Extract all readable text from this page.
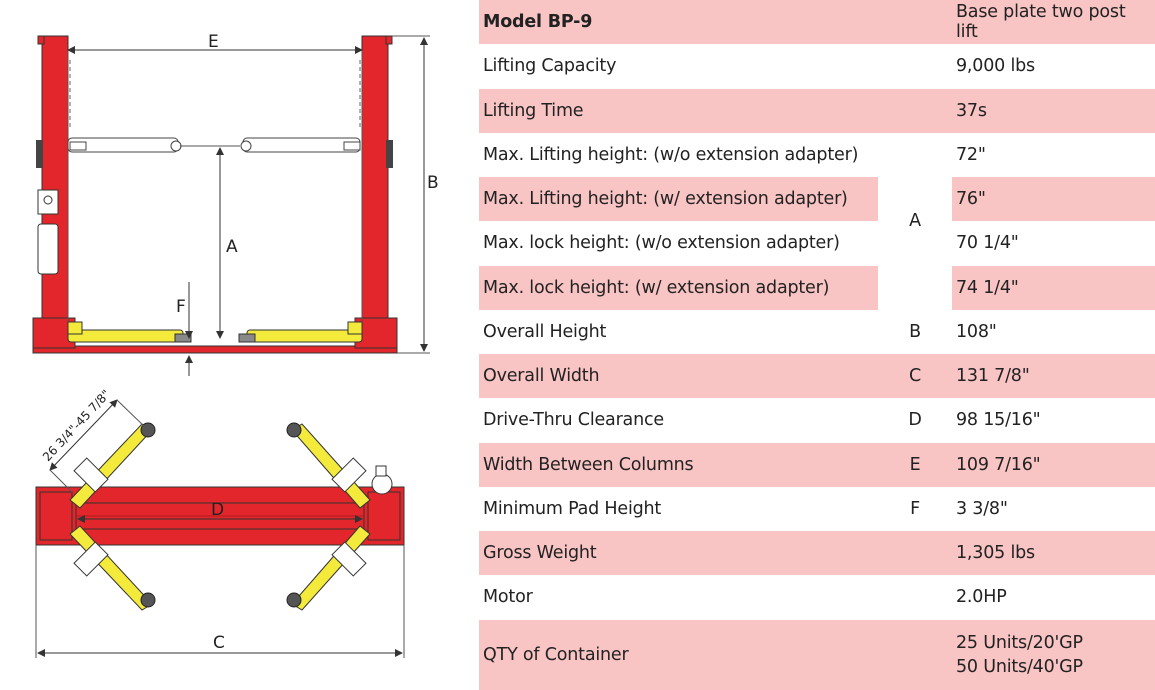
E
B
A
F
D
C
26 3/4"-45 7/8"
Model BP-9		Base plate two post lift
Lifting Capacity		9,000 lbs
Lifting Time		37s
Max. Lifting height: (w/o extension adapter)	A	72"
Max. Lifting height: (w/ extension adapter)		76"
Max. lock height: (w/o extension adapter)		70 1/4"
Max. lock height: (w/ extension adapter)		74 1/4"
Overall Height	B	108"
Overall Width	C	131 7/8"
Drive-Thru Clearance	D	98 15/16"
Width Between Columns	E	109 7/16"
Minimum Pad Height	F	3 3/8"
Gross Weight		1,305 lbs
Motor		2.0HP
QTY of Container		25 Units/20'GP
50 Units/40'GP
